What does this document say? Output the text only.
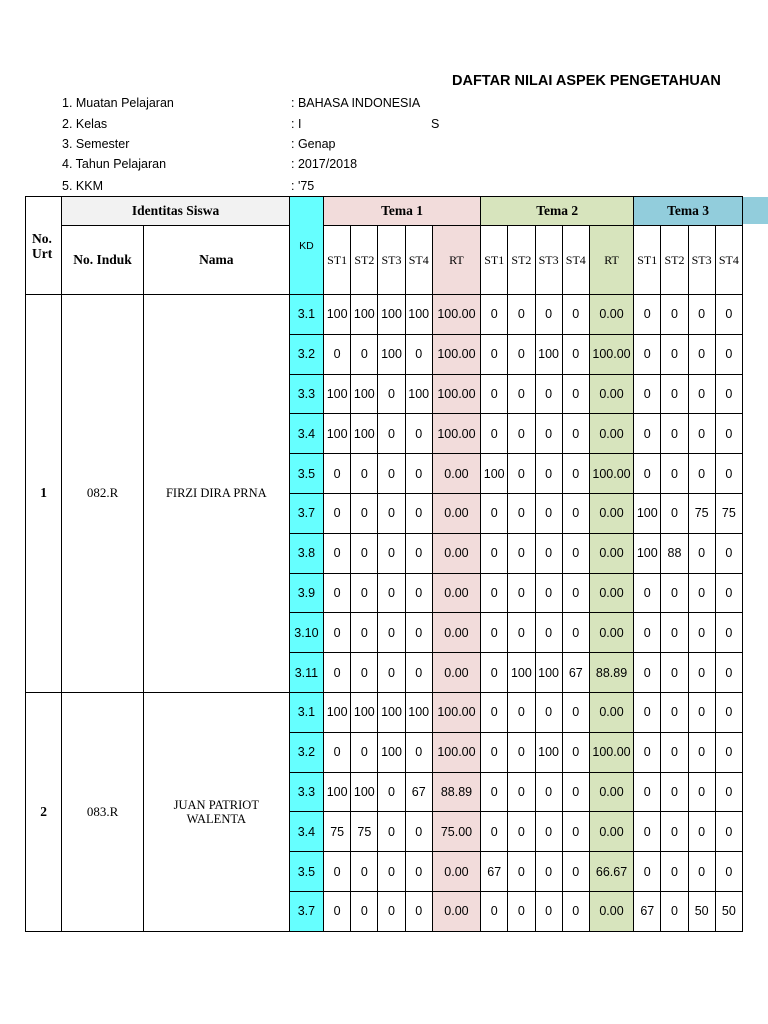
DAFTAR NILAI ASPEK PENGETAHUAN
1. Muatan Pelajaran	: BAHASA INDONESIA
2. Kelas	: I	S
3. Semester	: Genap
4. Tahun Pelajaran	: 2017/2018
5. KKM	: '75
No. Urt	Identitas Siswa		KD	Tema 1					Tema 2					Tema 3			
	No. Induk	Nama		ST1	ST2	ST3	ST4	RT	ST1	ST2	ST3	ST4	RT	ST1	ST2	ST3	ST4
1	082.R	FIRZI DIRA PRNA	3.1	100	100	100	100	100.00	0	0	0	0	0.00	0	0	0	0
			3.2	0	0	100	0	100.00	0	0	100	0	100.00	0	0	0	0
			3.3	100	100	0	100	100.00	0	0	0	0	0.00	0	0	0	0
			3.4	100	100	0	0	100.00	0	0	0	0	0.00	0	0	0	0
			3.5	0	0	0	0	0.00	100	0	0	0	100.00	0	0	0	0
			3.7	0	0	0	0	0.00	0	0	0	0	0.00	100	0	75	75
			3.8	0	0	0	0	0.00	0	0	0	0	0.00	100	88	0	0
			3.9	0	0	0	0	0.00	0	0	0	0	0.00	0	0	0	0
			3.10	0	0	0	0	0.00	0	0	0	0	0.00	0	0	0	0
			3.11	0	0	0	0	0.00	0	100	100	67	88.89	0	0	0	0
2	083.R	JUAN PATRIOT WALENTA	3.1	100	100	100	100	100.00	0	0	0	0	0.00	0	0	0	0
			3.2	0	0	100	0	100.00	0	0	100	0	100.00	0	0	0	0
			3.3	100	100	0	67	88.89	0	0	0	0	0.00	0	0	0	0
			3.4	75	75	0	0	75.00	0	0	0	0	0.00	0	0	0	0
			3.5	0	0	0	0	0.00	67	0	0	0	66.67	0	0	0	0
			3.7	0	0	0	0	0.00	0	0	0	0	0.00	67	0	50	50
